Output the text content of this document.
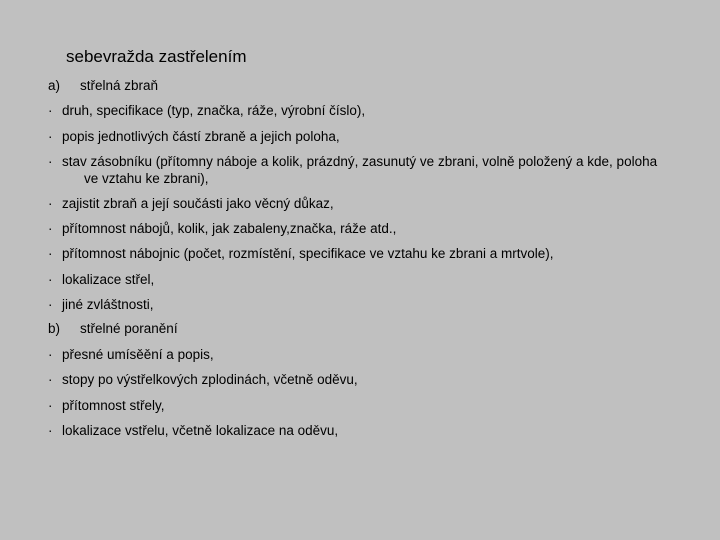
sebevražda zastřelením
a) střelná zbraň
· druh, specifikace (typ, značka, ráže, výrobní číslo),
· popis jednotlivých částí zbraně a jejich poloha,
· stav zásobníku (přítomny náboje a kolik, prázdný, zasunutý ve zbrani, volně položený a kde, poloha
ve vztahu ke zbrani),
· zajistit zbraň a její součásti jako věcný důkaz,
· přítomnost nábojů, kolik, jak zabaleny,značka, ráže atd.,
· přítomnost nábojnic (počet, rozmístění, specifikace ve vztahu ke zbrani a mrtvole),
· lokalizace střel,
· jiné zvláštnosti,
b) střelné poranění
· přesné umísěění a popis,
· stopy po výstřelkových zplodinách, včetně oděvu,
· přítomnost střely,
· lokalizace vstřelu, včetně lokalizace na oděvu,
